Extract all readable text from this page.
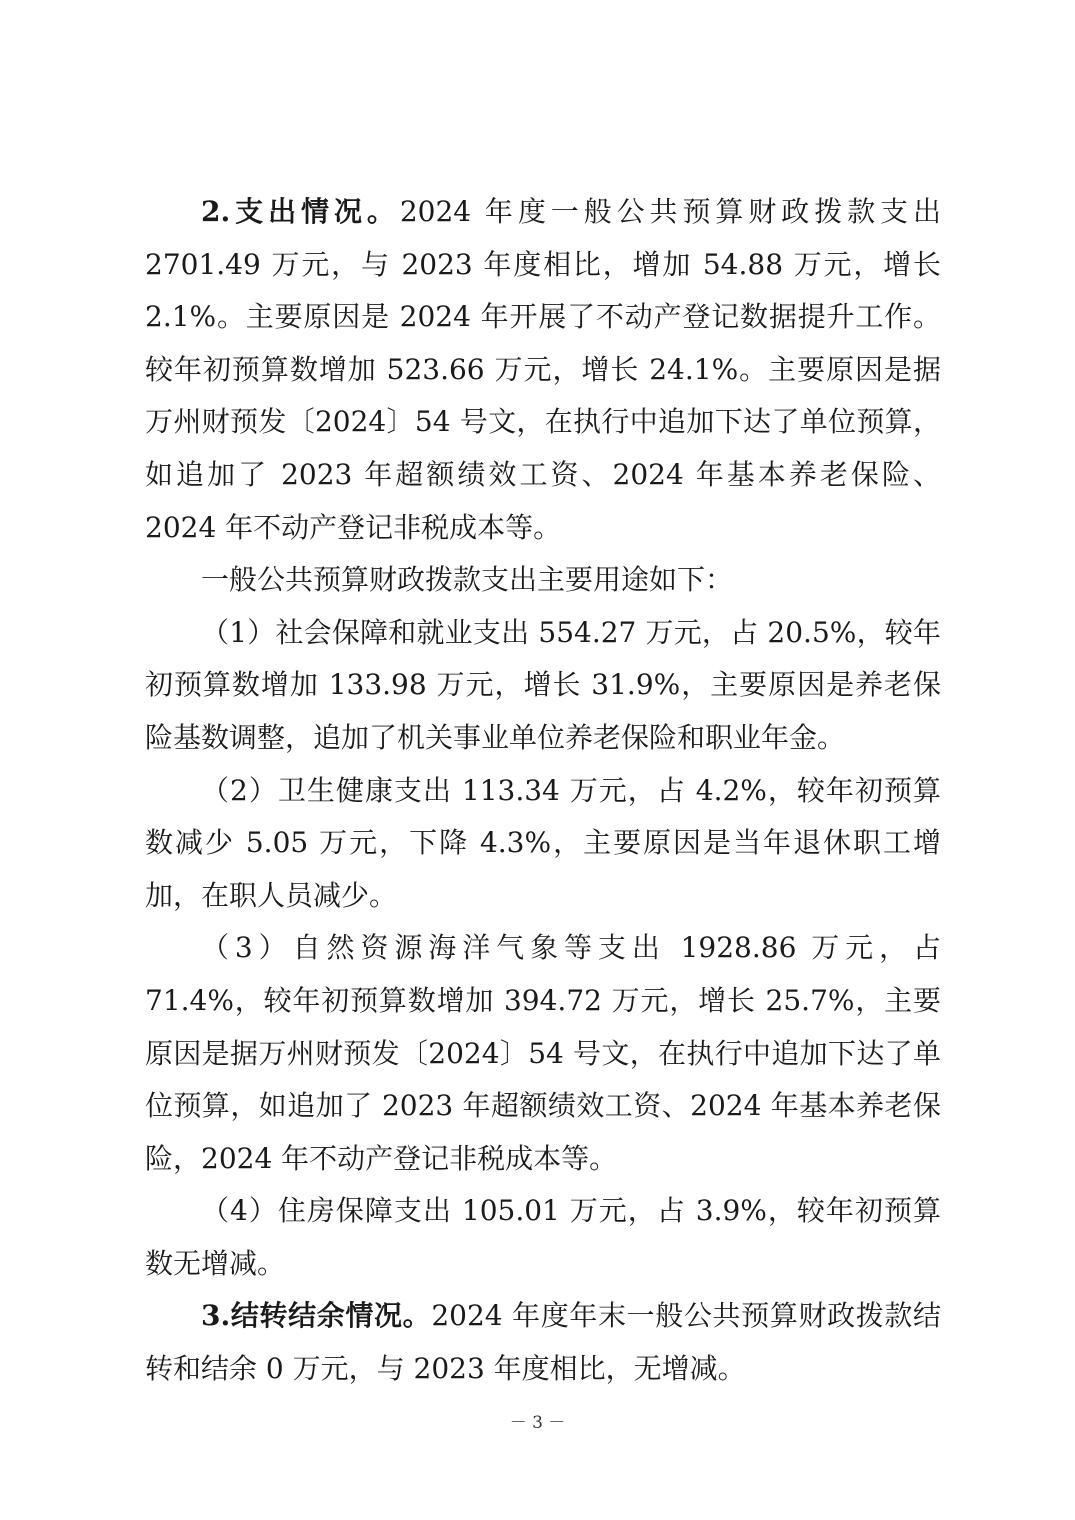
2.支出情况。2024 年度一般公共预算财政拨款支出 2701.49 万元，与 2023 年度相比，增加 54.88 万元，增长 2.1%。主要原因是 2024 年开展了不动产登记数据提升工作。较年初预算数增加 523.66 万元，增长 24.1%。主要原因是据万州财预发〔2024〕54 号文，在执行中追加下达了单位预算，如追加了 2023 年超额绩效工资、2024 年基本养老保险、2024 年不动产登记非税成本等。

一般公共预算财政拨款支出主要用途如下：

（1）社会保障和就业支出 554.27 万元，占 20.5%，较年初预算数增加 133.98 万元，增长 31.9%，主要原因是养老保险基数调整，追加了机关事业单位养老保险和职业年金。

（2）卫生健康支出 113.34 万元，占 4.2%，较年初预算数减少 5.05 万元，下降 4.3%，主要原因是当年退休职工增加，在职人员减少。

（3）自然资源海洋气象等支出 1928.86 万元，占 71.4%，较年初预算数增加 394.72 万元，增长 25.7%，主要原因是据万州财预发〔2024〕54 号文，在执行中追加下达了单位预算，如追加了 2023 年超额绩效工资、2024 年基本养老保险，2024 年不动产登记非税成本等。

（4）住房保障支出 105.01 万元，占 3.9%，较年初预算数无增减。

3.结转结余情况。2024 年度年末一般公共预算财政拨款结转和结余 0 万元，与 2023 年度相比，无增减。

－ 3 －
